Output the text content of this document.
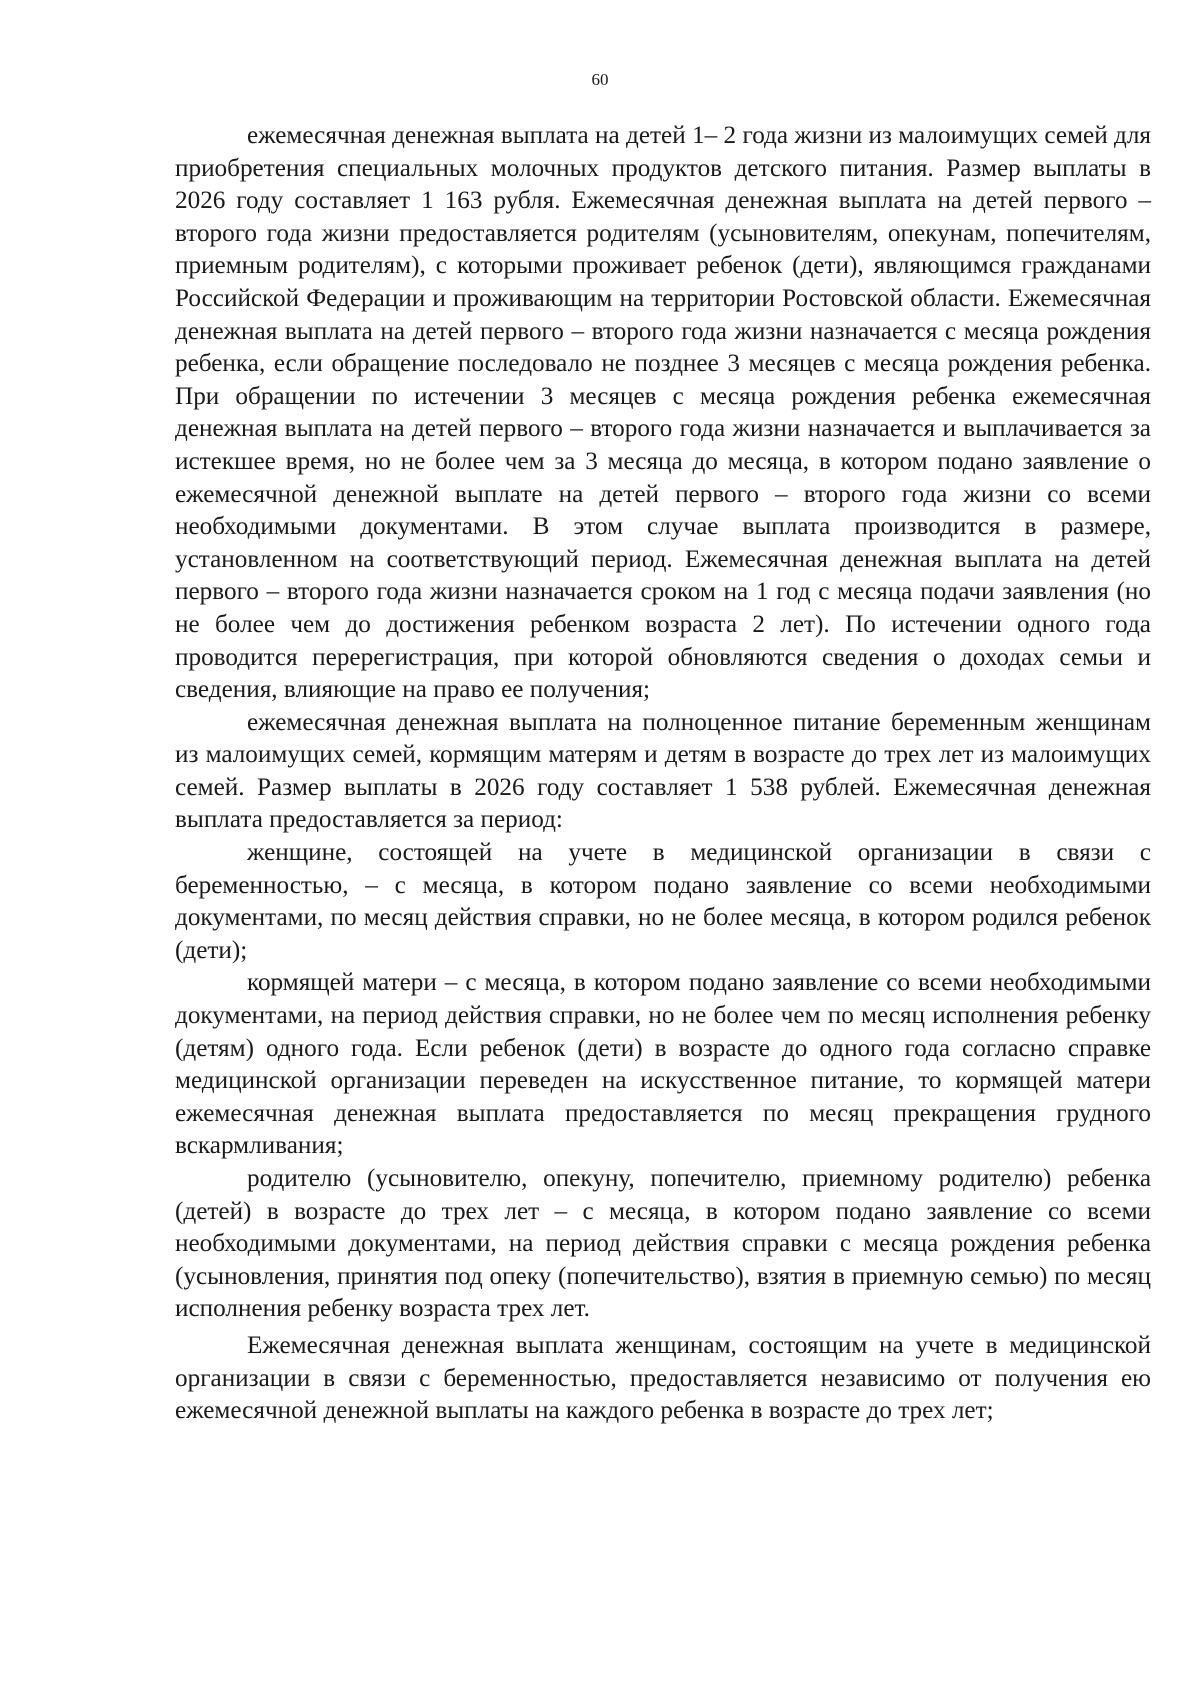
60

ежемесячная денежная выплата на детей 1– 2 года жизни из малоимущих семей для приобретения специальных молочных продуктов детского питания. Размер выплаты в 2026 году составляет 1 163 рубля. Ежемесячная денежная выплата на детей первого – второго года жизни предоставляется родителям (усыновителям, опекунам, попечителям, приемным родителям), с которыми проживает ребенок (дети), являющимся гражданами Российской Федерации и проживающим на территории Ростовской области. Ежемесячная денежная выплата на детей первого – второго года жизни назначается с месяца рождения ребенка, если обращение последовало не позднее 3 месяцев с месяца рождения ребенка. При обращении по истечении 3 месяцев с месяца рождения ребенка ежемесячная денежная выплата на детей первого – второго года жизни назначается и выплачивается за истекшее время, но не более чем за 3 месяца до месяца, в котором подано заявление о ежемесячной денежной выплате на детей первого – второго года жизни со всеми необходимыми документами. В этом случае выплата производится в размере, установленном на соответствующий период. Ежемесячная денежная выплата на детей первого – второго года жизни назначается сроком на 1 год с месяца подачи заявления (но не более чем до достижения ребенком возраста 2 лет). По истечении одного года проводится перерегистрация, при которой обновляются сведения о доходах семьи и сведения, влияющие на право ее получения;

ежемесячная денежная выплата на полноценное питание беременным женщинам из малоимущих семей, кормящим матерям и детям в возрасте до трех лет из малоимущих семей. Размер выплаты в 2026 году составляет 1 538 рублей. Ежемесячная денежная выплата предоставляется за период:

женщине, состоящей на учете в медицинской организации в связи с беременностью, – с месяца, в котором подано заявление со всеми необходимыми документами, по месяц действия справки, но не более месяца, в котором родился ребенок (дети);

кормящей матери – с месяца, в котором подано заявление со всеми необходимыми документами, на период действия справки, но не более чем по месяц исполнения ребенку (детям) одного года. Если ребенок (дети) в возрасте до одного года согласно справке медицинской организации переведен на искусственное питание, то кормящей матери ежемесячная денежная выплата предоставляется по месяц прекращения грудного вскармливания;

родителю (усыновителю, опекуну, попечителю, приемному родителю) ребенка (детей) в возрасте до трех лет – с месяца, в котором подано заявление со всеми необходимыми документами, на период действия справки с месяца рождения ребенка (усыновления, принятия под опеку (попечительство), взятия в приемную семью) по месяц исполнения ребенку возраста трех лет.

Ежемесячная денежная выплата женщинам, состоящим на учете в медицинской организации в связи с беременностью, предоставляется независимо от получения ею ежемесячной денежной выплаты на каждого ребенка в возрасте до трех лет;
